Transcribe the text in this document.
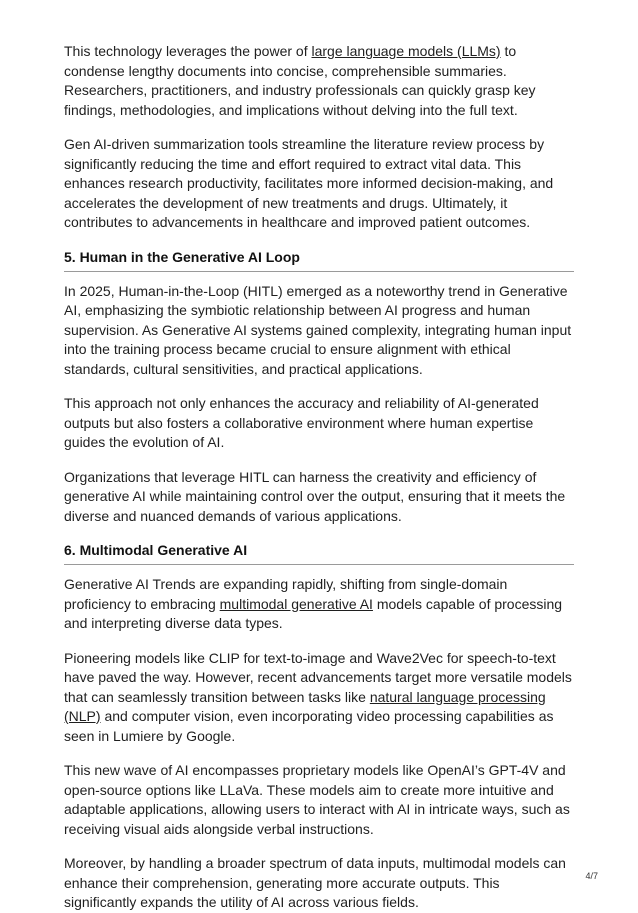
This technology leverages the power of large language models (LLMs) to condense lengthy documents into concise, comprehensible summaries. Researchers, practitioners, and industry professionals can quickly grasp key findings, methodologies, and implications without delving into the full text.

Gen AI-driven summarization tools streamline the literature review process by significantly reducing the time and effort required to extract vital data. This enhances research productivity, facilitates more informed decision-making, and accelerates the development of new treatments and drugs. Ultimately, it contributes to advancements in healthcare and improved patient outcomes.

5. Human in the Generative AI Loop

In 2025, Human-in-the-Loop (HITL) emerged as a noteworthy trend in Generative AI, emphasizing the symbiotic relationship between AI progress and human supervision. As Generative AI systems gained complexity, integrating human input into the training process became crucial to ensure alignment with ethical standards, cultural sensitivities, and practical applications.

This approach not only enhances the accuracy and reliability of AI-generated outputs but also fosters a collaborative environment where human expertise guides the evolution of AI.

Organizations that leverage HITL can harness the creativity and efficiency of generative AI while maintaining control over the output, ensuring that it meets the diverse and nuanced demands of various applications.

6. Multimodal Generative AI

Generative AI Trends are expanding rapidly, shifting from single-domain proficiency to embracing multimodal generative AI models capable of processing and interpreting diverse data types.

Pioneering models like CLIP for text-to-image and Wave2Vec for speech-to-text have paved the way. However, recent advancements target more versatile models that can seamlessly transition between tasks like natural language processing (NLP) and computer vision, even incorporating video processing capabilities as seen in Lumiere by Google.

This new wave of AI encompasses proprietary models like OpenAI’s GPT-4V and open-source options like LLaVa. These models aim to create more intuitive and adaptable applications, allowing users to interact with AI in intricate ways, such as receiving visual aids alongside verbal instructions.

Moreover, by handling a broader spectrum of data inputs, multimodal models can enhance their comprehension, generating more accurate outputs. This significantly expands the utility of AI across various fields.

4/7
